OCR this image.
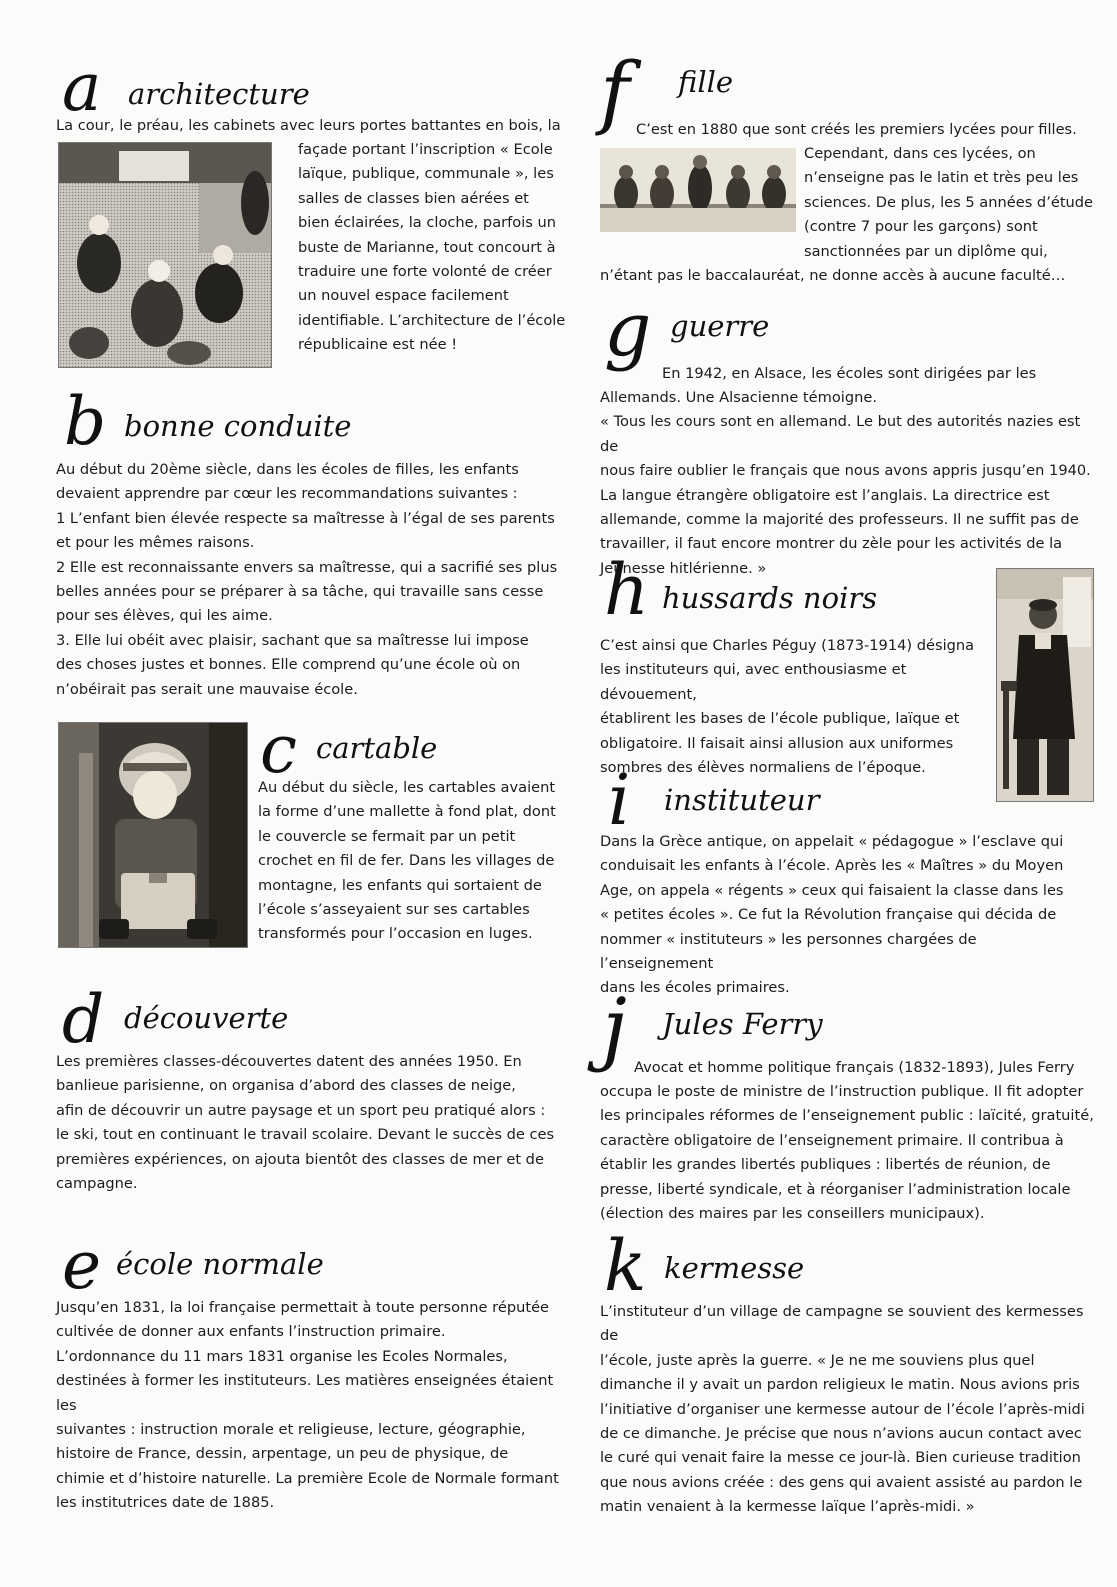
a architecture
La cour, le préau, les cabinets avec leurs portes battantes en bois, la

façade portant l’inscription « Ecole

laïque, publique, communale », les

salles de classes bien aérées et

bien éclairées, la cloche, parfois un

buste de Marianne, tout concourt à

traduire une forte volonté de créer

un nouvel espace facilement

identifiable. L’architecture de l’école

républicaine est née !

b bonne conduite

Au début du 20ème siècle, dans les écoles de filles, les enfants

devaient apprendre par cœur les recommandations suivantes :

1 L’enfant bien élevée respecte sa maîtresse à l’égal de ses parents

et pour les mêmes raisons.

2 Elle est reconnaissante envers sa maîtresse, qui a sacrifié ses plus

belles années pour se préparer à sa tâche, qui travaille sans cesse

pour ses élèves, qui les aime.

3. Elle lui obéit avec plaisir, sachant que sa maîtresse lui impose

des choses justes et bonnes. Elle comprend qu’une école où on

n’obéirait pas serait une mauvaise école.

c cartable

Au début du siècle, les cartables avaient

la forme d’une mallette à fond plat, dont

le couvercle se fermait par un petit

crochet en fil de fer. Dans les villages de

montagne, les enfants qui sortaient de

l’école s’asseyaient sur ses cartables

transformés pour l’occasion en luges.

d découverte

Les premières classes-découvertes datent des années 1950. En

banlieue parisienne, on organisa d’abord des classes de neige,

afin de découvrir un autre paysage et un sport peu pratiqué alors :

le ski, tout en continuant le travail scolaire. Devant le succès de ces

premières expériences, on ajouta bientôt des classes de mer et de

campagne.

e école normale

Jusqu’en 1831, la loi française permettait à toute personne réputée

cultivée de donner aux enfants l’instruction primaire.

L’ordonnance du 11 mars 1831 organise les Ecoles Normales,

destinées à former les instituteurs. Les matières enseignées étaient les

suivantes : instruction morale et religieuse, lecture, géographie,

histoire de France, dessin, arpentage, un peu de physique, de

chimie et d’histoire naturelle. La première Ecole de Normale formant

les institutrices date de 1885.

f fille
C’est en 1880 que sont créés les premiers lycées pour filles.

Cependant, dans ces lycées, on

n’enseigne pas le latin et très peu les

sciences. De plus, les 5 années d’étude

(contre 7 pour les garçons) sont

sanctionnées par un diplôme qui,

n’étant pas le baccalauréat, ne donne accès à aucune faculté…
g guerre
En 1942, en Alsace, les écoles sont dirigées par les

Allemands. Une Alsacienne témoigne.

« Tous les cours sont en allemand. Le but des autorités nazies est de

nous faire oublier le français que nous avons appris jusqu’en 1940.

La langue étrangère obligatoire est l’anglais. La directrice est

allemande, comme la majorité des professeurs. Il ne suffit pas de

travailler, il faut encore montrer du zèle pour les activités de la

Jeunesse hitlérienne. »

h hussards noirs

C’est ainsi que Charles Péguy (1873-1914) désigna

les instituteurs qui, avec enthousiasme et dévouement,

établirent les bases de l’école publique, laïque et

obligatoire. Il faisait ainsi allusion aux uniformes

sombres des élèves normaliens de l’époque.

i instituteur

Dans la Grèce antique, on appelait « pédagogue » l’esclave qui

conduisait les enfants à l’école. Après les « Maîtres » du Moyen

Age, on appela « régents » ceux qui faisaient la classe dans les

« petites écoles ». Ce fut la Révolution française qui décida de

nommer « instituteurs » les personnes chargées de l’enseignement

dans les écoles primaires.

j Jules Ferry
Avocat et homme politique français (1832-1893), Jules Ferry

occupa le poste de ministre de l’instruction publique. Il fit adopter

les principales réformes de l’enseignement public : laïcité, gratuité,

caractère obligatoire de l’enseignement primaire. Il contribua à

établir les grandes libertés publiques : libertés de réunion, de

presse, liberté syndicale, et à réorganiser l’administration locale

(élection des maires par les conseillers municipaux).

k kermesse

L’instituteur d’un village de campagne se souvient des kermesses de

l’école, juste après la guerre. « Je ne me souviens plus quel

dimanche il y avait un pardon religieux le matin. Nous avions pris

l’initiative d’organiser une kermesse autour de l’école l’après-midi

de ce dimanche. Je précise que nous n’avions aucun contact avec

le curé qui venait faire la messe ce jour-là. Bien curieuse tradition

que nous avions créée : des gens qui avaient assisté au pardon le

matin venaient à la kermesse laïque l’après-midi. »
